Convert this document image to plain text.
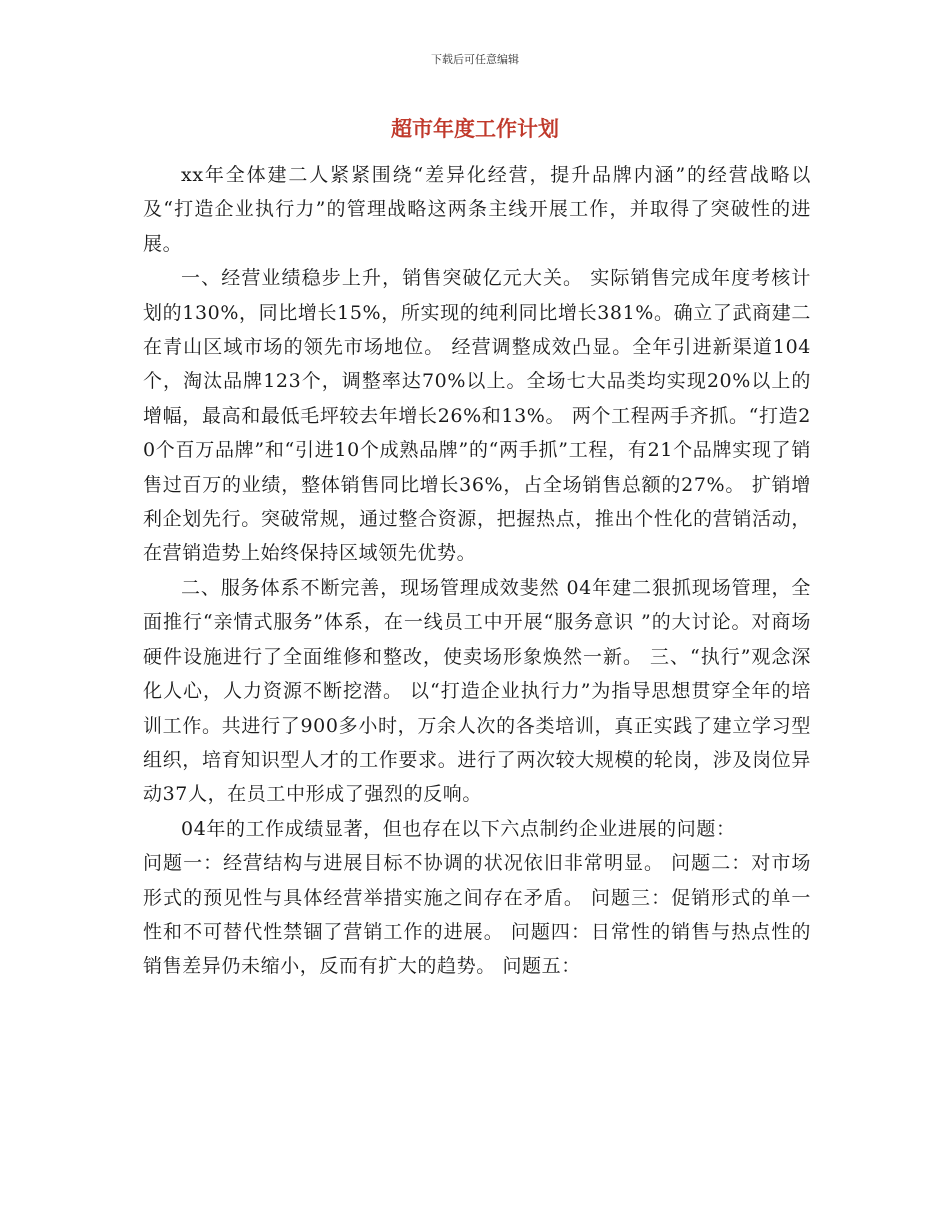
下载后可任意编辑
超市年度工作计划

xx年全体建二人紧紧围绕“差异化经营，提升品牌内涵”的经营战略以及“打造企业执行力”的管理战略这两条主线开展工作，并取得了突破性的进展。

一、经营业绩稳步上升，销售突破亿元大关。 实际销售完成年度考核计划的130%，同比增长15%，所实现的纯利同比增长381%。确立了武商建二在青山区域市场的领先市场地位。 经营调整成效凸显。全年引进新渠道104个，淘汰品牌123个，调整率达70%以上。全场七大品类均实现20%以上的增幅，最高和最低毛坪较去年增长26%和13%。 两个工程两手齐抓。“打造20个百万品牌”和“引进10个成熟品牌”的“两手抓”工程，有21个品牌实现了销售过百万的业绩，整体销售同比增长36%，占全场销售总额的27%。 扩销增利企划先行。突破常规，通过整合资源，把握热点，推出个性化的营销活动，在营销造势上始终保持区域领先优势。

二、服务体系不断完善，现场管理成效斐然 04年建二狠抓现场管理，全面推行“亲情式服务”体系，在一线员工中开展“服务意识 ”的大讨论。对商场硬件设施进行了全面维修和整改，使卖场形象焕然一新。 三、“执行”观念深化人心，人力资源不断挖潜。 以“打造企业执行力”为指导思想贯穿全年的培训工作。共进行了900多小时，万余人次的各类培训，真正实践了建立学习型组织，培育知识型人才的工作要求。进行了两次较大规模的轮岗，涉及岗位异动37人，在员工中形成了强烈的反响。

04年的工作成绩显著，但也存在以下六点制约企业进展的问题：

问题一：经营结构与进展目标不协调的状况依旧非常明显。 问题二：对市场形式的预见性与具体经营举措实施之间存在矛盾。 问题三：促销形式的单一性和不可替代性禁锢了营销工作的进展。 问题四：日常性的销售与热点性的销售差异仍未缩小，反而有扩大的趋势。 问题五：
